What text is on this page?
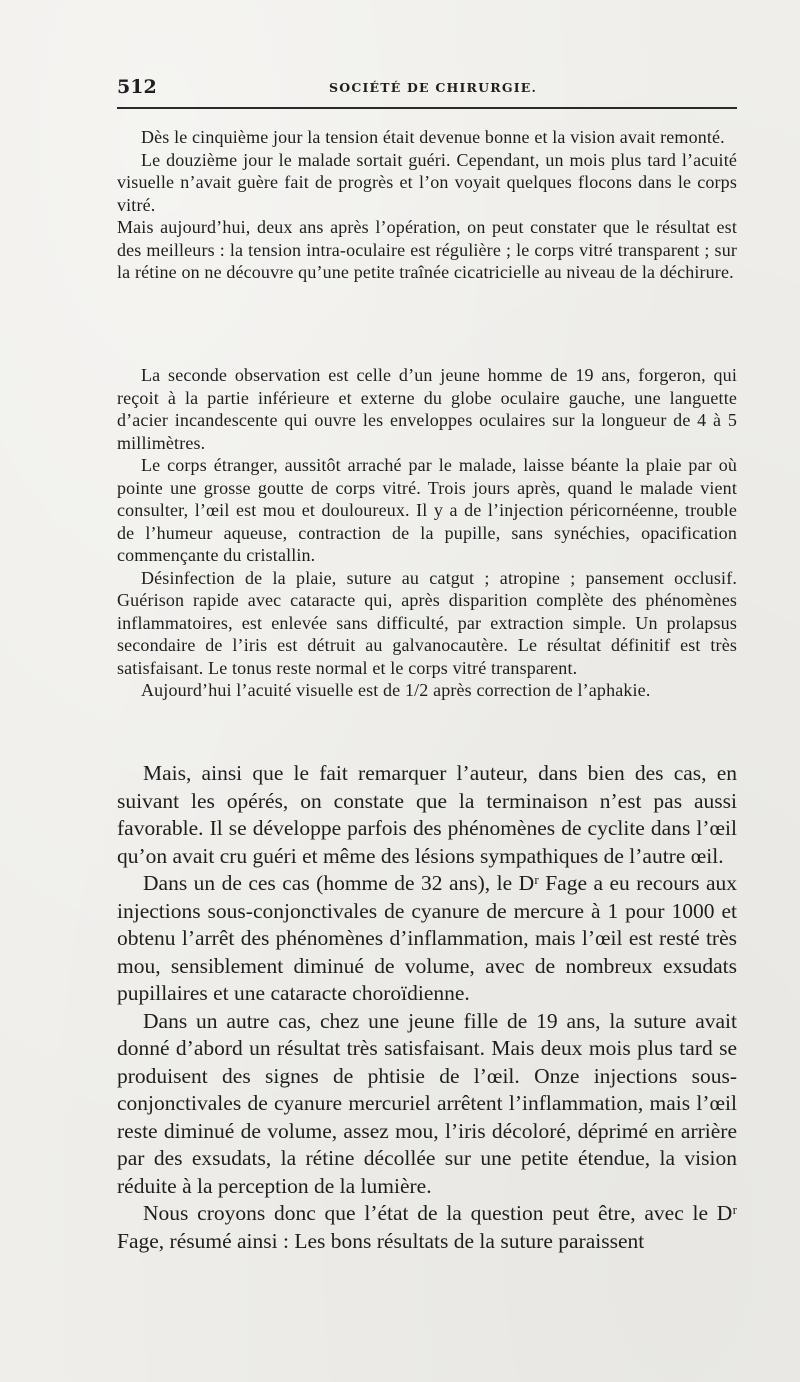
512	SOCIÉTÉ DE CHIRURGIE.

Dès le cinquième jour la tension était devenue bonne et la vision avait remonté.

Le douzième jour le malade sortait guéri. Cependant, un mois plus tard l’acuité visuelle n’avait guère fait de progrès et l’on voyait quelques flocons dans le corps vitré.

Mais aujourd’hui, deux ans après l’opération, on peut constater que le résultat est des meilleurs : la tension intra-oculaire est régulière ; le corps vitré transparent ; sur la rétine on ne découvre qu’une petite traînée cicatricielle au niveau de la déchirure.

La seconde observation est celle d’un jeune homme de 19 ans, forgeron, qui reçoit à la partie inférieure et externe du globe oculaire gauche, une languette d’acier incandescente qui ouvre les enveloppes oculaires sur la longueur de 4 à 5 millimètres.

Le corps étranger, aussitôt arraché par le malade, laisse béante la plaie par où pointe une grosse goutte de corps vitré. Trois jours après, quand le malade vient consulter, l’œil est mou et douloureux. Il y a de l’injection péricornéenne, trouble de l’humeur aqueuse, contraction de la pupille, sans synéchies, opacification commençante du cristallin.

Désinfection de la plaie, suture au catgut ; atropine ; pansement occlusif. Guérison rapide avec cataracte qui, après disparition complète des phénomènes inflammatoires, est enlevée sans difficulté, par extraction simple. Un prolapsus secondaire de l’iris est détruit au galvanocautère. Le résultat définitif est très satisfaisant. Le tonus reste normal et le corps vitré transparent.

Aujourd’hui l’acuité visuelle est de 1/2 après correction de l’aphakie.

Mais, ainsi que le fait remarquer l’auteur, dans bien des cas, en suivant les opérés, on constate que la terminaison n’est pas aussi favorable. Il se développe parfois des phénomènes de cyclite dans l’œil qu’on avait cru guéri et même des lésions sympathiques de l’autre œil.

Dans un de ces cas (homme de 32 ans), le Dʳ Fage a eu recours aux injections sous-conjonctivales de cyanure de mercure à 1 pour 1000 et obtenu l’arrêt des phénomènes d’inflammation, mais l’œil est resté très mou, sensiblement diminué de volume, avec de nombreux exsudats pupillaires et une cataracte choroïdienne.

Dans un autre cas, chez une jeune fille de 19 ans, la suture avait donné d’abord un résultat très satisfaisant. Mais deux mois plus tard se produisent des signes de phtisie de l’œil. Onze injections sous-conjonctivales de cyanure mercuriel arrêtent l’inflammation, mais l’œil reste diminué de volume, assez mou, l’iris décoloré, déprimé en arrière par des exsudats, la rétine décollée sur une petite étendue, la vision réduite à la perception de la lumière.

Nous croyons donc que l’état de la question peut être, avec le Dʳ Fage, résumé ainsi : Les bons résultats de la suture paraissent
